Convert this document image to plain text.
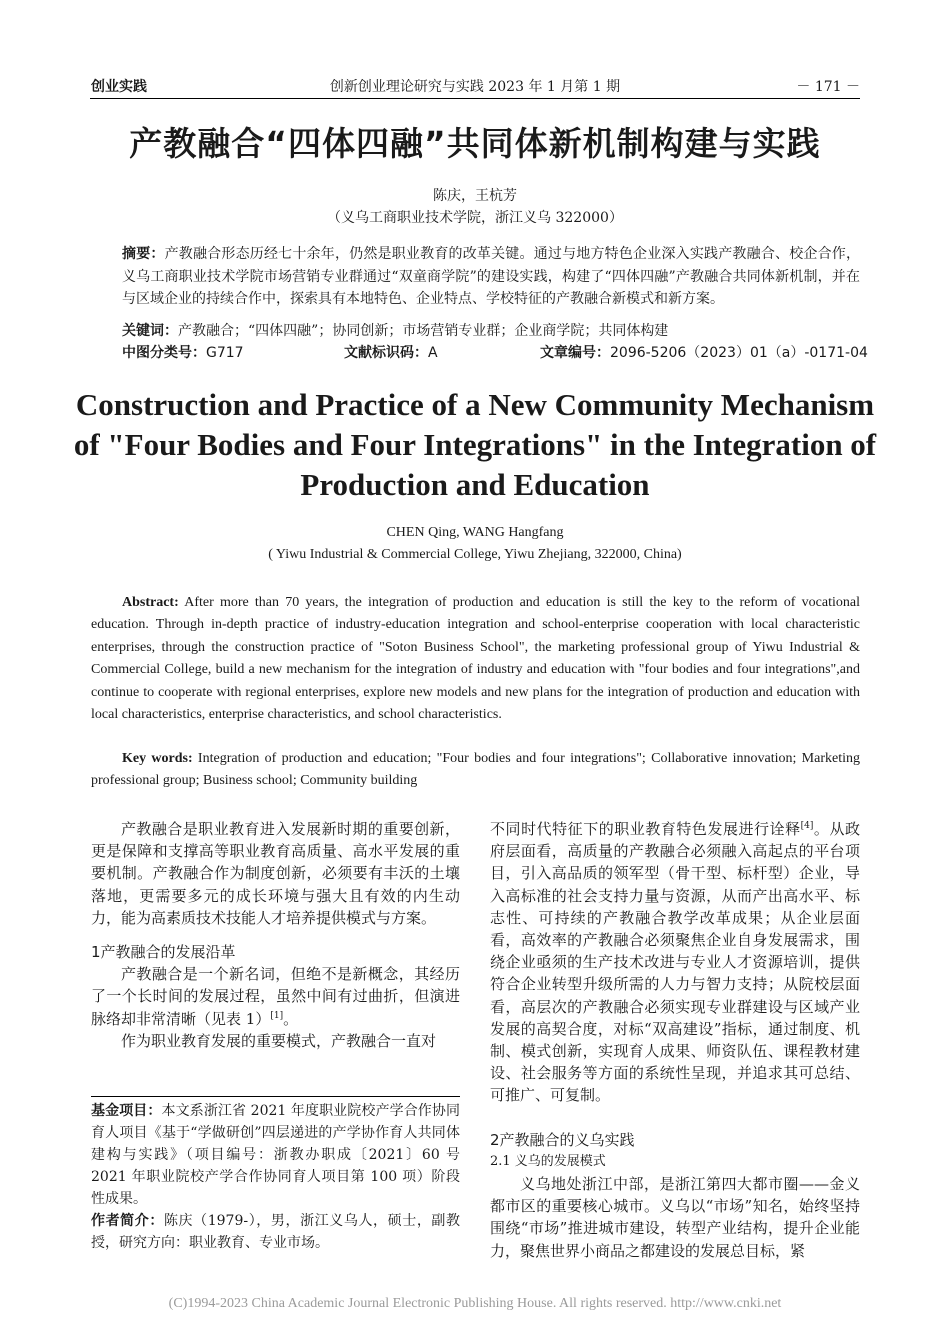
创新创业理论研究与实践 2023 年 1 月第 1 期
创业实践	－ 171 －
产教融合“四体四融”共同体新机制构建与实践
陈庆，王杭芳
（义乌工商职业技术学院，浙江义乌 322000）
摘要：产教融合形态历经七十余年，仍然是职业教育的改革关键。通过与地方特色企业深入实践产教融合、校企合作，义乌工商职业技术学院市场营销专业群通过“双童商学院”的建设实践，构建了“四体四融”产教融合共同体新机制，并在与区域企业的持续合作中，探索具有本地特色、企业特点、学校特征的产教融合新模式和新方案。
关键词：产教融合；“四体四融”；协同创新；市场营销专业群；企业商学院；共同体构建
中图分类号：G717	文献标识码：A	文章编号：2096-5206（2023）01（a）-0171-04
Construction and Practice of a New Community Mechanism of "Four Bodies and Four Integrations" in the Integration of Production and Education
CHEN Qing, WANG Hangfang
( Yiwu Industrial & Commercial College, Yiwu Zhejiang, 322000, China)
Abstract: After more than 70 years, the integration of production and education is still the key to the reform of vocational education. Through in-depth practice of industry-education integration and school-enterprise cooperation with local characteristic enterprises, through the construction practice of "Soton Business School", the marketing professional group of Yiwu Industrial & Commercial College, build a new mechanism for the integration of industry and education with "four bodies and four integrations",and continue to cooperate with regional enterprises, explore new models and new plans for the integration of production and education with local characteristics, enterprise characteristics, and school characteristics.
Key words: Integration of production and education; "Four bodies and four integrations"; Collaborative innovation; Marketing professional group; Business school; Community building

产教融合是职业教育进入发展新时期的重要创新，更是保障和支撑高等职业教育高质量、高水平发展的重要机制。产教融合作为制度创新，必须要有丰沃的土壤落地，更需要多元的成长环境与强大且有效的内生动力，能为高素质技术技能人才培养提供模式与方案。

1产教融合的发展沿革

产教融合是一个新名词，但绝不是新概念，其经历了一个长时间的发展过程，虽然中间有过曲折，但演进脉络却非常清晰（见表 1）[1]。

作为职业教育发展的重要模式，产教融合一直对

基金项目：本文系浙江省 2021 年度职业院校产学合作协同育人项目《基于“学做研创”四层递进的产学协作育人共同体建构与实践》（项目编号：浙教办职成〔2021〕60 号 2021 年职业院校产学合作协同育人项目第 100 项）阶段性成果。

作者简介：陈庆（1979-），男，浙江义乌人，硕士，副教授，研究方向：职业教育、专业市场。

不同时代特征下的职业教育特色发展进行诠释[4]。从政府层面看，高质量的产教融合必须融入高起点的平台项目，引入高品质的领军型（骨干型、标杆型）企业，导入高标准的社会支持力量与资源，从而产出高水平、标志性、可持续的产教融合教学改革成果；从企业层面看，高效率的产教融合必须聚焦企业自身发展需求，围绕企业亟须的生产技术改进与专业人才资源培训，提供符合企业转型升级所需的人力与智力支持；从院校层面看，高层次的产教融合必须实现专业群建设与区域产业发展的高契合度，对标“双高建设”指标，通过制度、机制、模式创新，实现育人成果、师资队伍、课程教材建设、社会服务等方面的系统性呈现，并追求其可总结、可推广、可复制。

2产教融合的义乌实践
2.1 义乌的发展模式

义乌地处浙江中部，是浙江第四大都市圈——金义都市区的重要核心城市。义乌以“市场”知名，始终坚持围绕“市场”推进城市建设，转型产业结构，提升企业能力，聚焦世界小商品之都建设的发展总目标，紧

(C)1994-2023 China Academic Journal Electronic Publishing House. All rights reserved. http://www.cnki.net
